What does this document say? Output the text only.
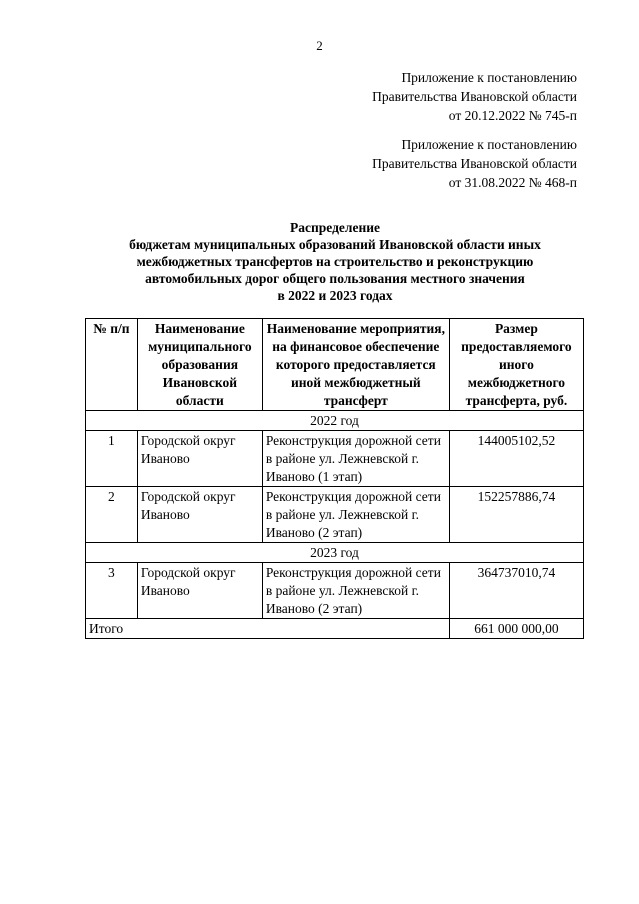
2
Приложение к постановлению
Правительства Ивановской области
от 20.12.2022 № 745-п
Приложение к постановлению
Правительства Ивановской области
от 31.08.2022 № 468-п
Распределение
бюджетам муниципальных образований Ивановской области иных
межбюджетных трансфертов на строительство и реконструкцию
автомобильных дорог общего пользования местного значения
в 2022 и 2023 годах
№ п/п	Наименование муниципального образования Ивановской области	Наименование мероприятия, на финансовое обеспечение которого предоставляется иной межбюджетный трансферт	Размер предоставляемого иного межбюджетного трансферта, руб.
2022 год			
1	Городской округ Иваново	Реконструкция дорожной сети в районе ул. Лежневской г. Иваново (1 этап)	144005102,52
2	Городской округ Иваново	Реконструкция дорожной сети в районе ул. Лежневской г. Иваново (2 этап)	152257886,74
2023 год			
3	Городской округ Иваново	Реконструкция дорожной сети в районе ул. Лежневской г. Иваново (2 этап)	364737010,74
Итого			661 000 000,00
